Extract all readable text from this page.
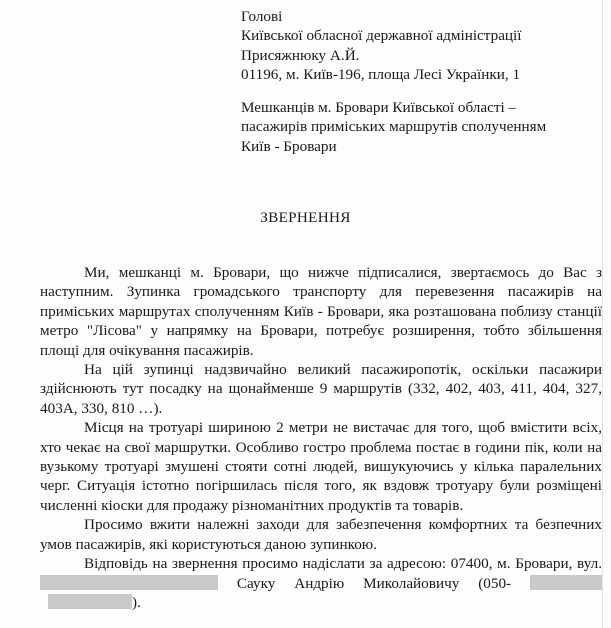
Голові
Київської обласної державної адміністрації
Присяжнюку А.Й.
01196, м. Київ-196, площа Лесі Українки, 1
Мешканців м. Бровари Київської області –
пасажирів приміських маршрутів сполученням
Київ - Бровари
ЗВЕРНЕННЯ

Ми, мешканці м. Бровари, що нижче підписалися, звертаємось до Вас з наступним. Зупинка громадського транспорту для перевезення пасажирів на приміських маршрутах сполученням Київ - Бровари, яка розташована поблизу станції метро "Лісова" у напрямку на Бровари, потребує розширення, тобто збільшення площі для очікування пасажирів.

На цій зупинці надзвичайно великий пасажиропотік, оскільки пасажири здійснюють тут посадку на щонайменше 9 маршрутів (332, 402, 403, 411, 404, 327, 403А, 330, 810 …).

Місця на тротуарі шириною 2 метри не вистачає для того, щоб вмістити всіх, хто чекає на свої маршрутки. Особливо гостро проблема постає в години пік, коли на вузькому тротуарі змушені стояти сотні людей, вишукуючись у кілька паралельних черг. Ситуація істотно погіршилась після того, як вздовж тротуару були розміщені численні кіоски для продажу різноманітних продуктів та товарів.

Просимо вжити належні заходи для забезпечення комфортних та безпечних умов пасажирів, які користуються даною зупинкою.

Відповідь на звернення просимо надіслати за адресою: 07400, м. Бровари, вул.  Сауку Андрію Миколайовичу (050- ).
